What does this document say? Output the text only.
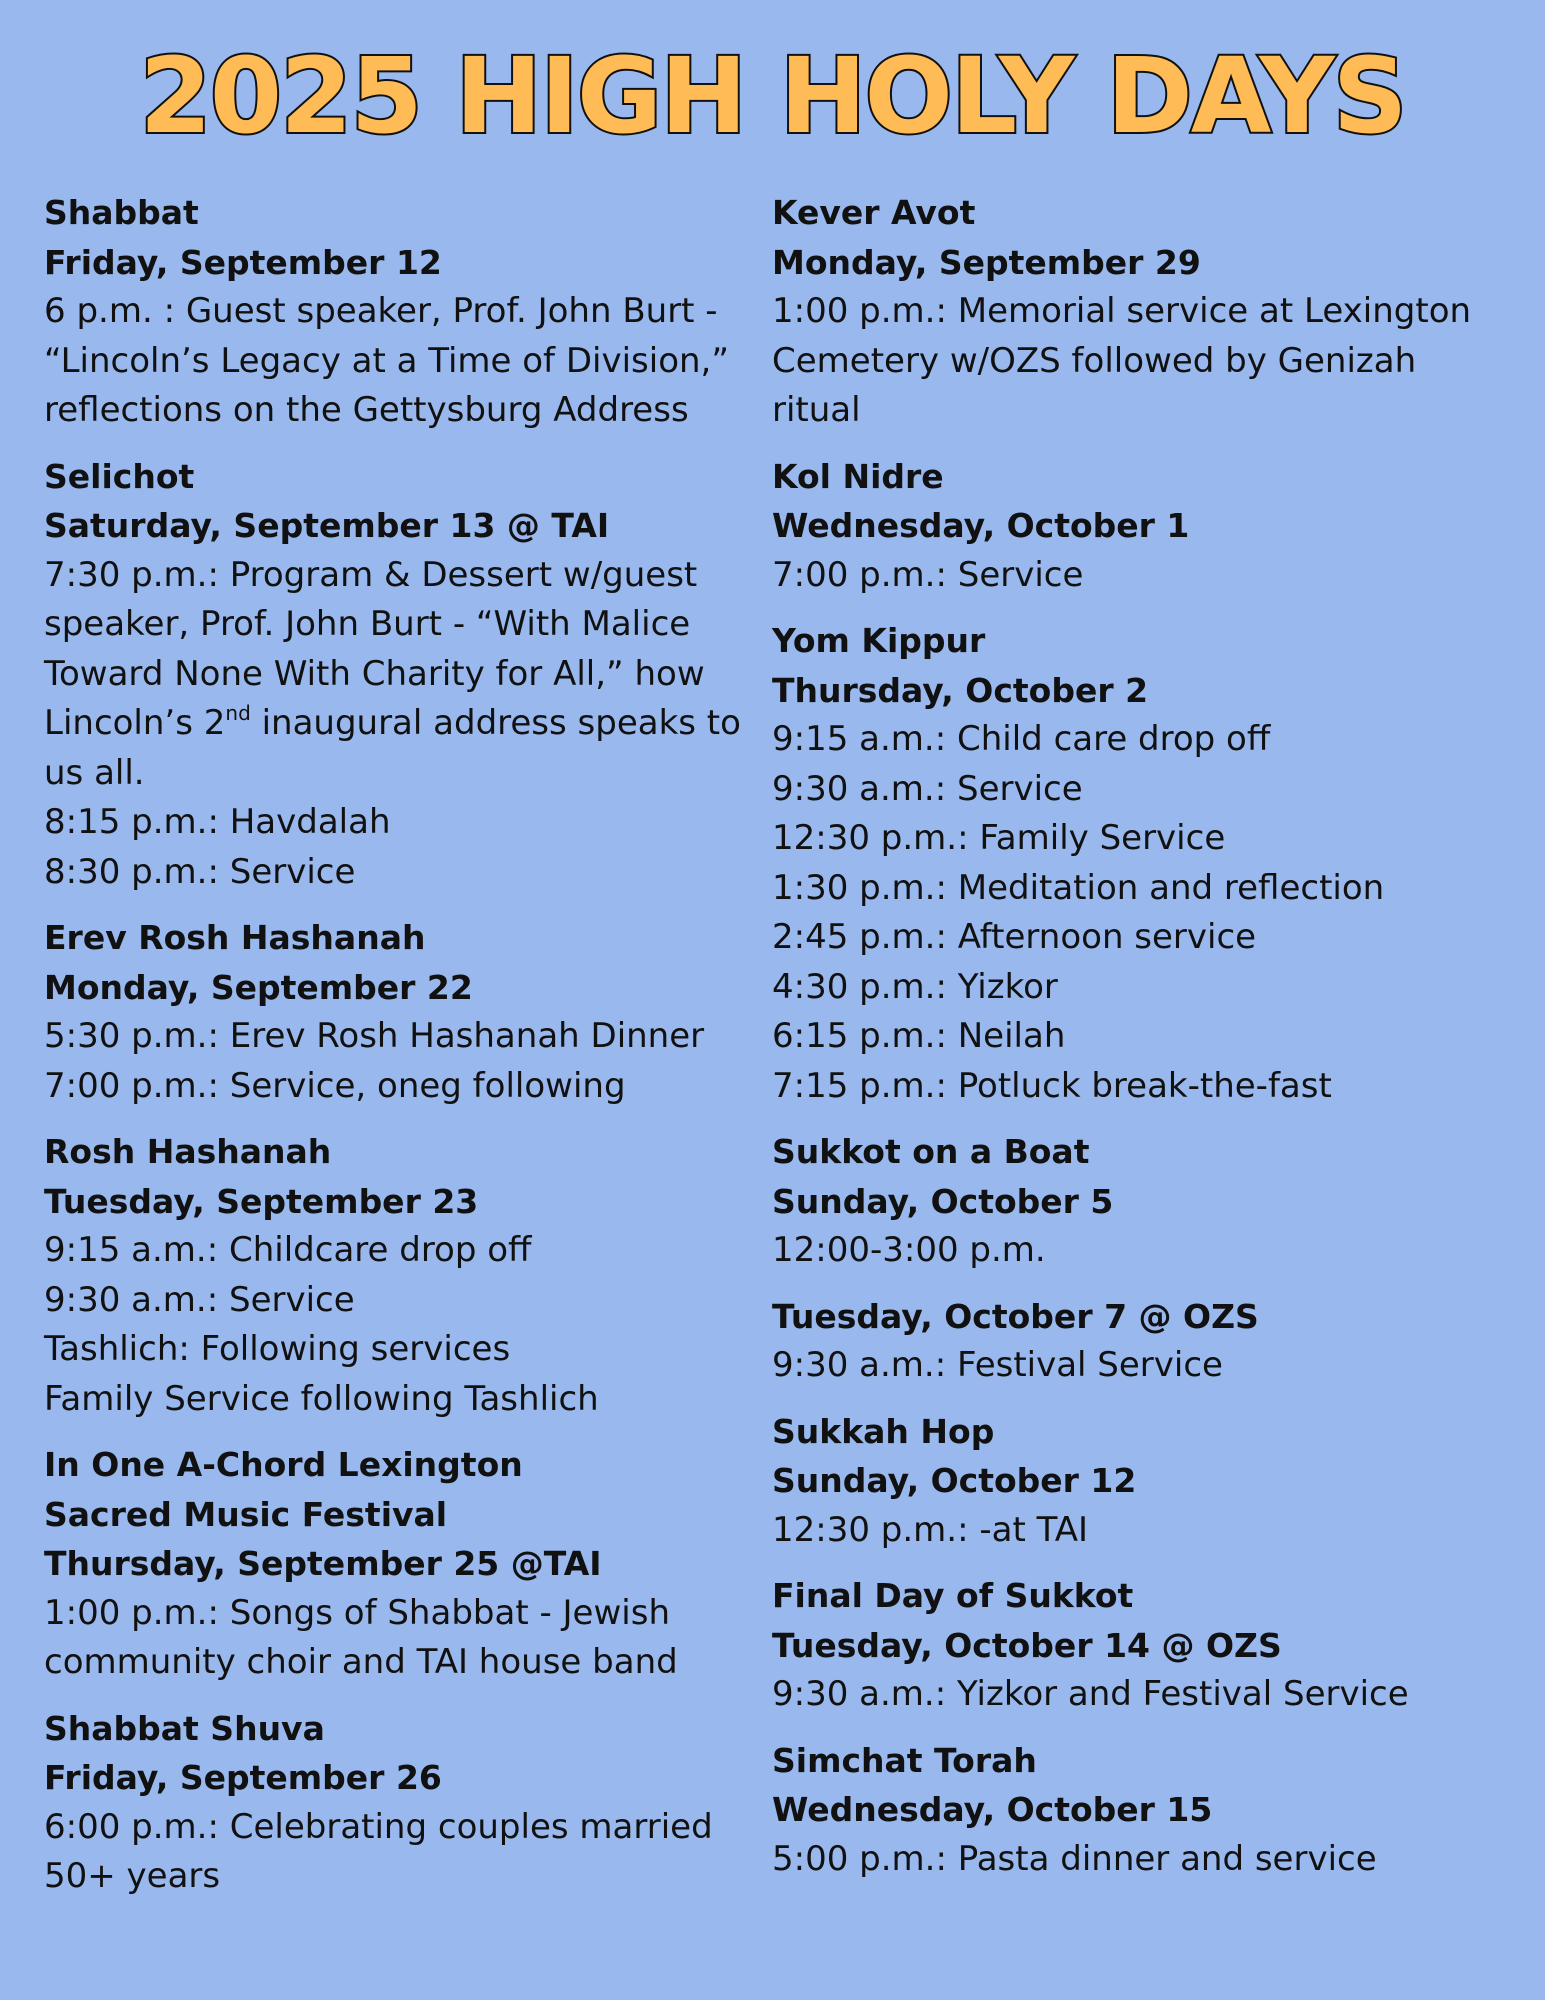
2025 HIGH HOLY DAYS
Shabbat
Friday, September 12
6 p.m. : Guest speaker, Prof. John Burt -
“Lincoln’s Legacy at a Time of Division,”
reflections on the Gettysburg Address
Selichot
Saturday, September 13 @ TAI
7:30 p.m.: Program & Dessert w/guest
speaker, Prof. John Burt - “With Malice
Toward None With Charity for All,” how
Lincoln’s 2nd inaugural address speaks to
us all.
8:15 p.m.: Havdalah
8:30 p.m.: Service
Erev Rosh Hashanah
Monday, September 22
5:30 p.m.: Erev Rosh Hashanah Dinner
7:00 p.m.: Service, oneg following
Rosh Hashanah
Tuesday, September 23
9:15 a.m.: Childcare drop off
9:30 a.m.: Service
Tashlich: Following services
Family Service following Tashlich
In One A-Chord Lexington
Sacred Music Festival
Thursday, September 25 @TAI
1:00 p.m.: Songs of Shabbat - Jewish
community choir and TAI house band
Shabbat Shuva
Friday, September 26
6:00 p.m.: Celebrating couples married
50+ years
Kever Avot
Monday, September 29
1:00 p.m.: Memorial service at Lexington
Cemetery w/OZS followed by Genizah
ritual
Kol Nidre
Wednesday, October 1
7:00 p.m.: Service
Yom Kippur
Thursday, October 2
9:15 a.m.: Child care drop off
9:30 a.m.: Service
12:30 p.m.: Family Service
1:30 p.m.: Meditation and reflection
2:45 p.m.: Afternoon service
4:30 p.m.: Yizkor
6:15 p.m.: Neilah
7:15 p.m.: Potluck break-the-fast
Sukkot on a Boat
Sunday, October 5
12:00-3:00 p.m.
Tuesday, October 7 @ OZS
9:30 a.m.: Festival Service
Sukkah Hop
Sunday, October 12
12:30 p.m.: -at TAI
Final Day of Sukkot
Tuesday, October 14 @ OZS
9:30 a.m.: Yizkor and Festival Service
Simchat Torah
Wednesday, October 15
5:00 p.m.: Pasta dinner and service
